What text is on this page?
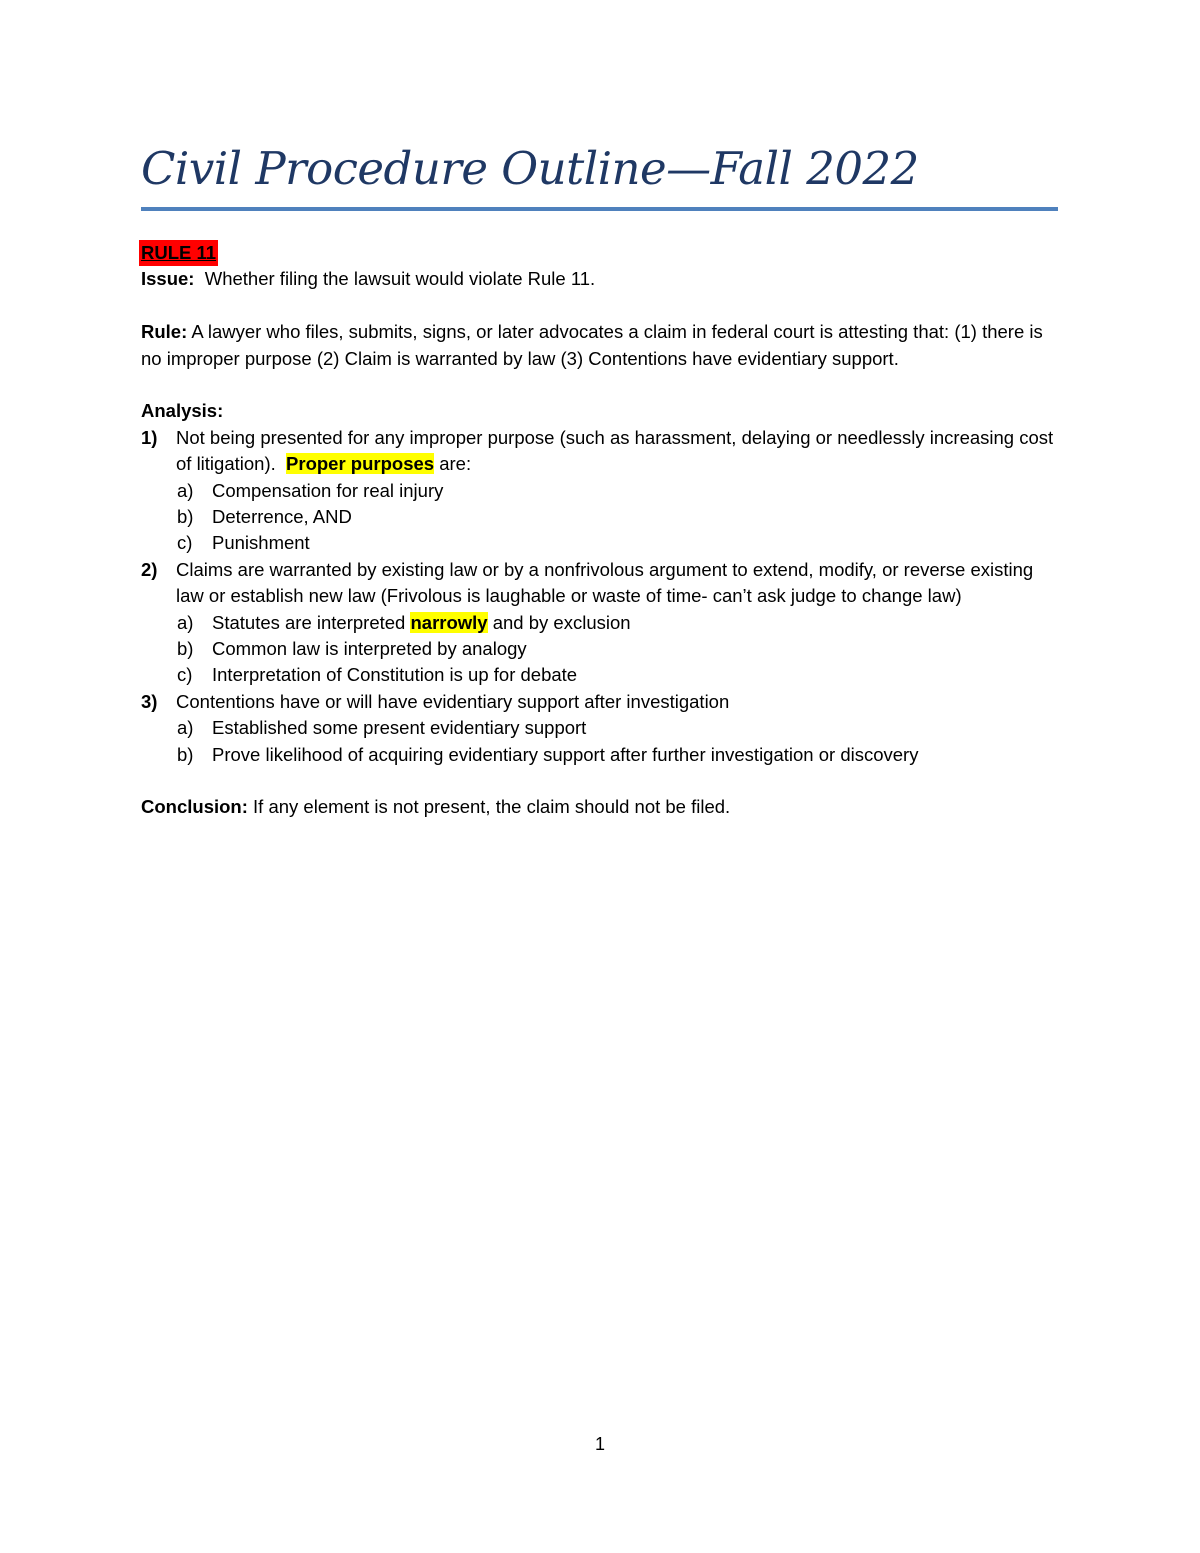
Civil Procedure Outline—Fall 2022

RULE 11

Issue:  Whether filing the lawsuit would violate Rule 11.

Rule: A lawyer who files, submits, signs, or later advocates a claim in federal court is attesting that: (1) there is no improper purpose (2) Claim is warranted by law (3) Contentions have evidentiary support.

Analysis:

1) Not being presented for any improper purpose (such as harassment, delaying or needlessly increasing cost of litigation).  Proper purposes are:
a) Compensation for real injury
b) Deterrence, AND
c) Punishment
2) Claims are warranted by existing law or by a nonfrivolous argument to extend, modify, or reverse existing law or establish new law (Frivolous is laughable or waste of time- can’t ask judge to change law)
a) Statutes are interpreted narrowly and by exclusion
b) Common law is interpreted by analogy
c) Interpretation of Constitution is up for debate
3) Contentions have or will have evidentiary support after investigation
a) Established some present evidentiary support
b) Prove likelihood of acquiring evidentiary support after further investigation or discovery

Conclusion: If any element is not present, the claim should not be filed.

1
